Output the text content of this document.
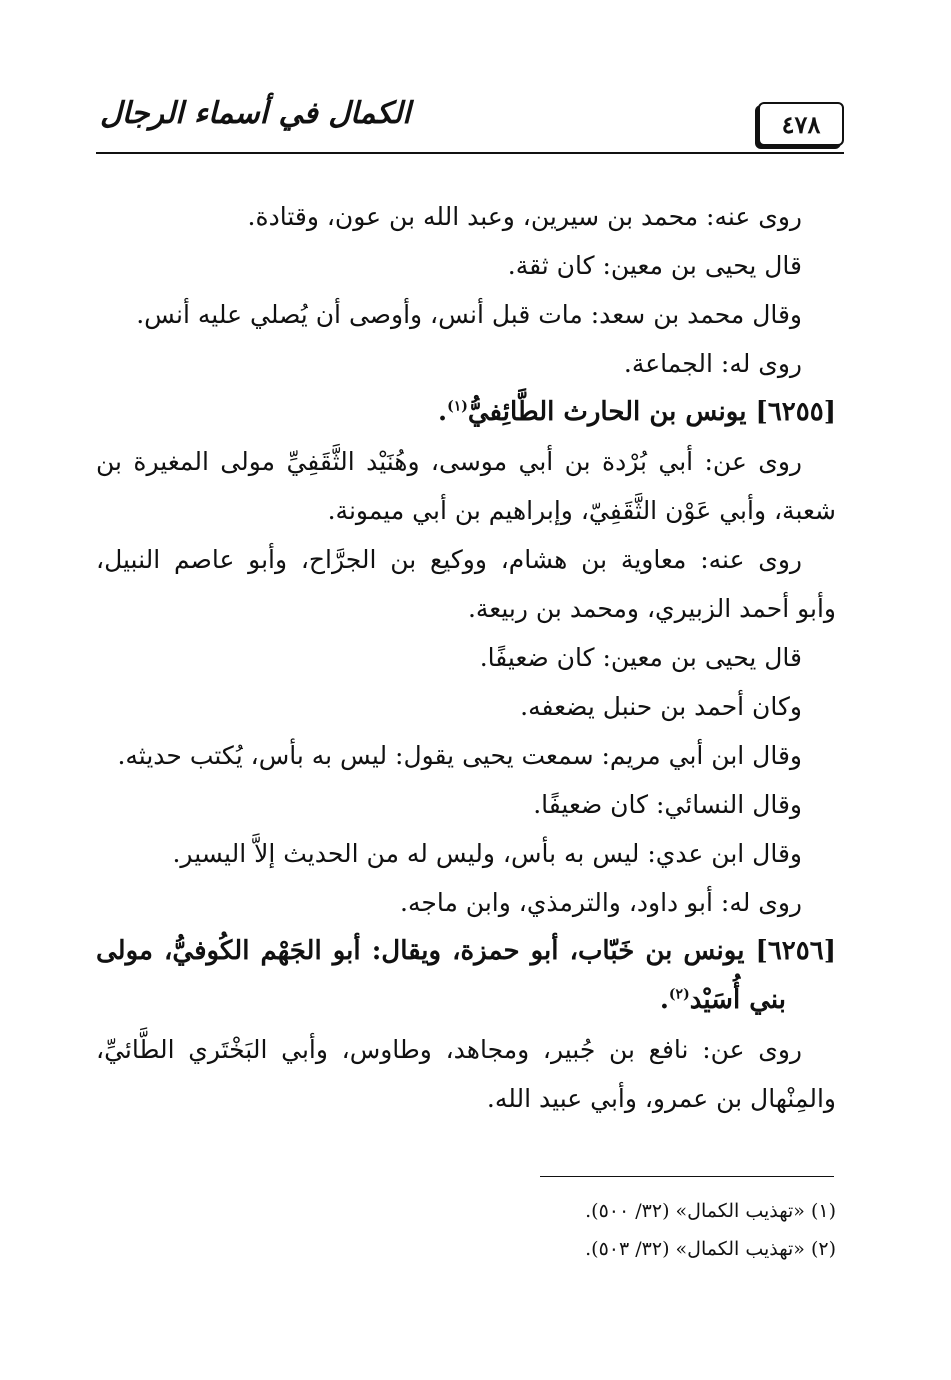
الكمال في أسماء الرجال	٤٧٨
روى عنه: محمد بن سيرين، وعبد الله بن عون، وقتادة.
قال يحيى بن معين: كان ثقة.
وقال محمد بن سعد: مات قبل أنس، وأوصى أن يُصلي عليه أنس.
روى له: الجماعة.
[٦٢٥٥] يونس بن الحارث الطَّائِفيُّ$^{(١)}$.
روى عن: أبي بُرْدة بن أبي موسى، وهُنَيْد الثَّقَفِيِّ مولى المغيرة بن
شعبة، وأبي عَوْن الثَّقَفِيّ، وإبراهيم بن أبي ميمونة.
روى عنه: معاوية بن هشام، ووكيع بن الجرَّاح، وأبو عاصم النبيل،
وأبو أحمد الزبيري، ومحمد بن ربيعة.
قال يحيى بن معين: كان ضعيفًا.
وكان أحمد بن حنبل يضعفه.
وقال ابن أبي مريم: سمعت يحيى يقول: ليس به بأس، يُكتب حديثه.
وقال النسائي: كان ضعيفًا.
وقال ابن عدي: ليس به بأس، وليس له من الحديث إلاَّ اليسير.
روى له: أبو داود، والترمذي، وابن ماجه.
[٦٢٥٦] يونس بن خَبّاب، أبو حمزة، ويقال: أبو الجَهْم الكُوفيُّ، مولى
بني أُسَيْد$^{(٢)}$.
روى عن: نافع بن جُبير، ومجاهد، وطاوس، وأبي البَخْتَري الطَّائيِّ،
والمِنْهال بن عمرو، وأبي عبيد الله.
(١) «تهذيب الكمال» (٣٢/ ٥٠٠).
(٢) «تهذيب الكمال» (٣٢/ ٥٠٣).
